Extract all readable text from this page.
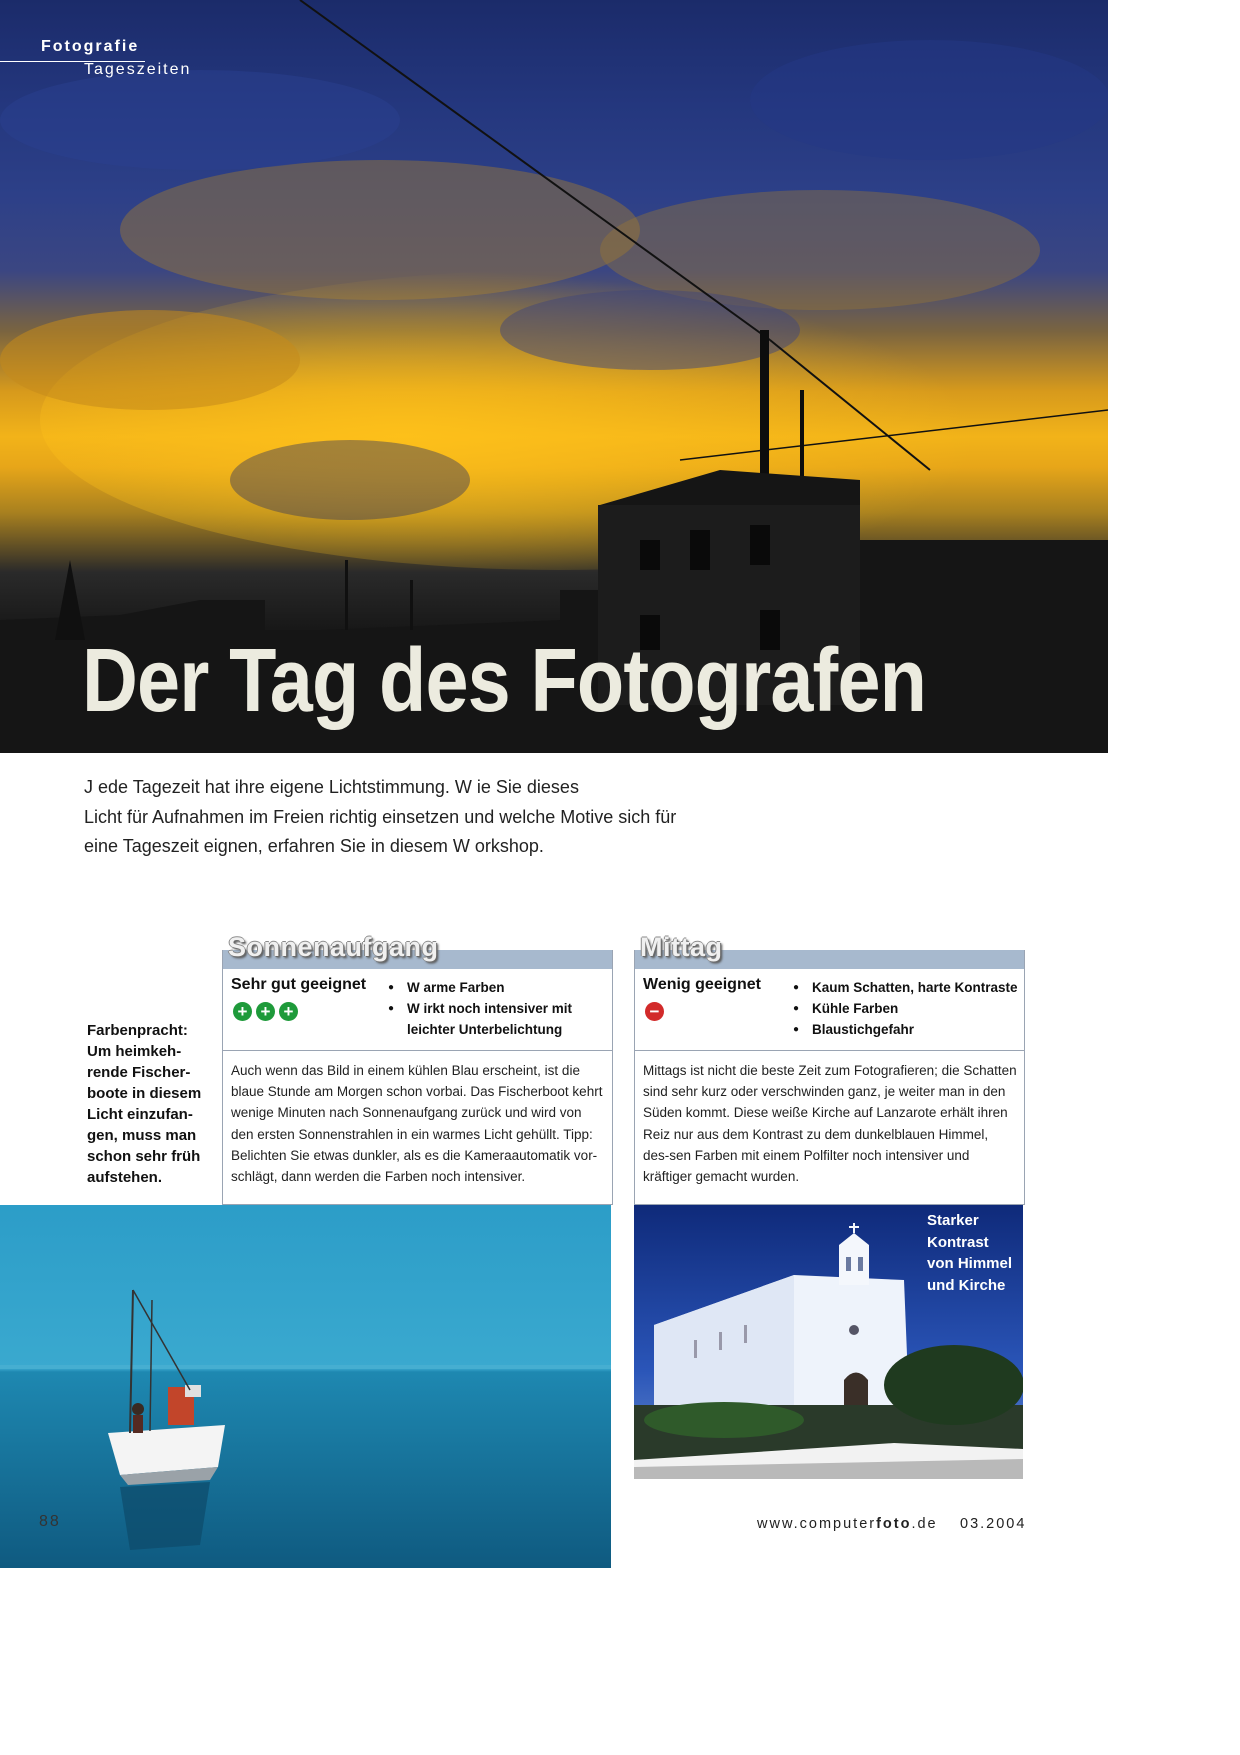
Fotografie
Tageszeiten
Der Tag des Fotografen

J ede Tagezeit hat ihre eigene Lichtstimmung. W ie Sie dieses

Licht für Aufnahmen im Freien richtig einsetzen und welche Motive sich für

eine Tageszeit eignen, erfahren Sie in diesem W orkshop.

Farbenpracht:
Um heimkeh-
rende Fischer-
boote in diesem
Licht einzufan-
gen, muss man
schon sehr früh
aufstehen.
Sonnenaufgang
Sehr gut geeignet
+ + +
● W arme Farben
● W irkt noch intensiver mit leichter Unterbelichtung
Auch wenn das Bild in einem kühlen Blau erscheint, ist die blaue Stunde am Morgen schon vorbai. Das Fischerboot kehrt wenige Minuten nach Sonnenaufgang zurück und wird von den ersten Sonnenstrahlen in ein warmes Licht gehüllt. Tipp: Belichten Sie etwas dunkler, als es die Kameraautomatik vor-schlägt, dann werden die Farben noch intensiver.
Mittag
Wenig geeignet
−
● Kaum Schatten, harte Kontraste
● Kühle Farben
● Blaustichgefahr
Mittags ist nicht die beste Zeit zum Fotografieren; die Schatten sind sehr kurz oder verschwinden ganz, je weiter man in den Süden kommt. Diese weiße Kirche auf Lanzarote erhält ihren Reiz nur aus dem Kontrast zu dem dunkelblauen Himmel, des-sen Farben mit einem Polfilter noch intensiver und kräftiger gemacht wurden.
Starker
Kontrast
von Himmel
und Kirche
88	www.computerfoto.de 03.2004
